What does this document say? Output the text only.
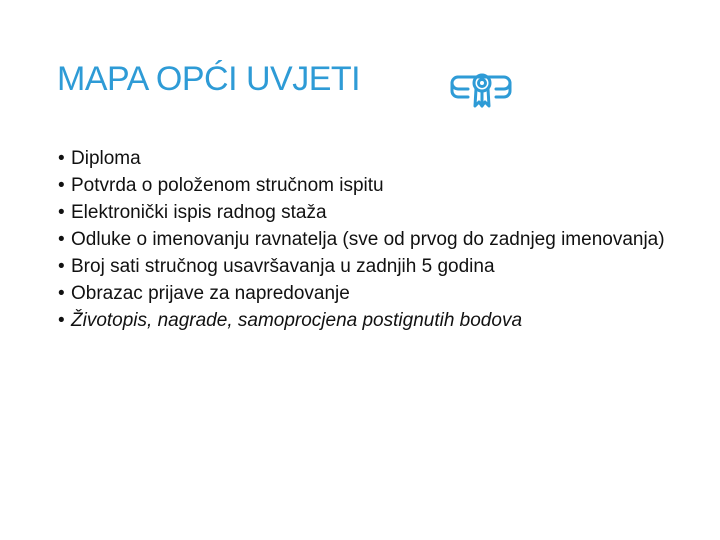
MAPA OPĆI UVJETI
• Diploma
• Potvrda o položenom stručnom ispitu
• Elektronički ispis radnog staža
• Odluke o imenovanju ravnatelja (sve od prvog do zadnjeg imenovanja)
• Broj sati stručnog usavršavanja u zadnjih 5 godina
• Obrazac prijave za napredovanje
• Životopis, nagrade, samoprocjena postignutih bodova
